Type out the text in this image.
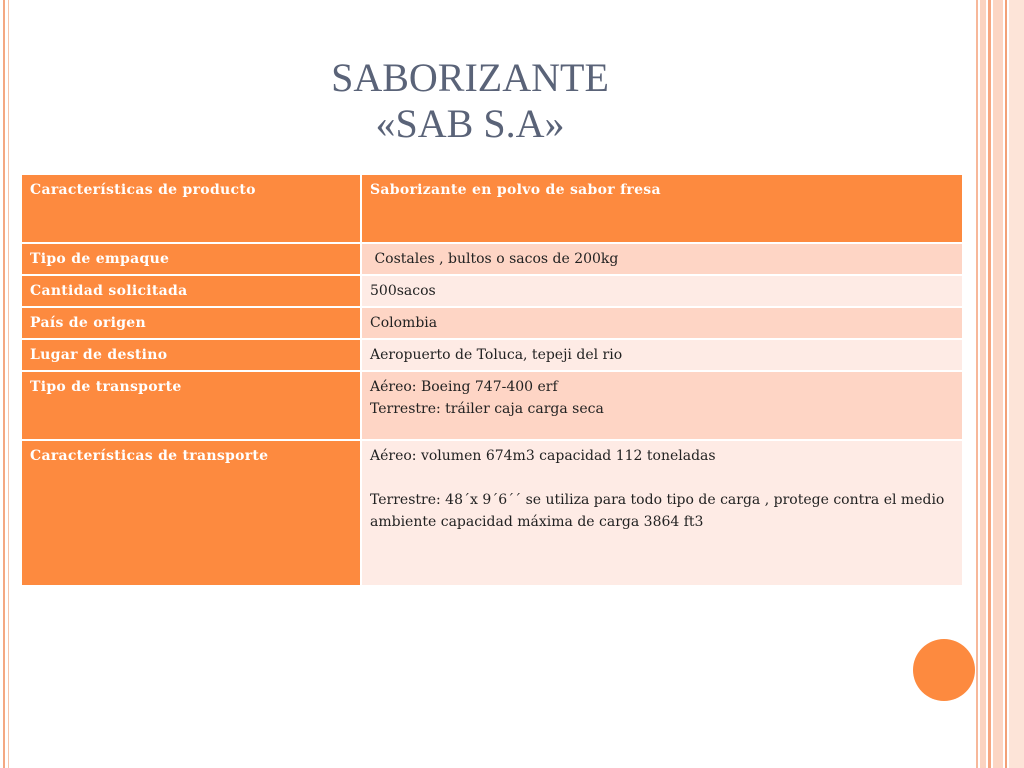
SABORIZANTE
«SAB S.A»
Características de producto	Saborizante en polvo de sabor fresa
Tipo de empaque	Costales , bultos o sacos de 200kg
Cantidad solicitada	500sacos
País de origen	Colombia
Lugar de destino	Aeropuerto de Toluca, tepeji del rio
Tipo de transporte	Aéreo: Boeing 747-400 erf

Terrestre: tráiler caja carga seca

Características de transporte	Aéreo: volumen 674m3 capacidad 112 toneladas

Terrestre: 48´x 9´6´´ se utiliza para todo tipo de carga , protege contra el medio ambiente capacidad máxima de carga 3864 ft3
